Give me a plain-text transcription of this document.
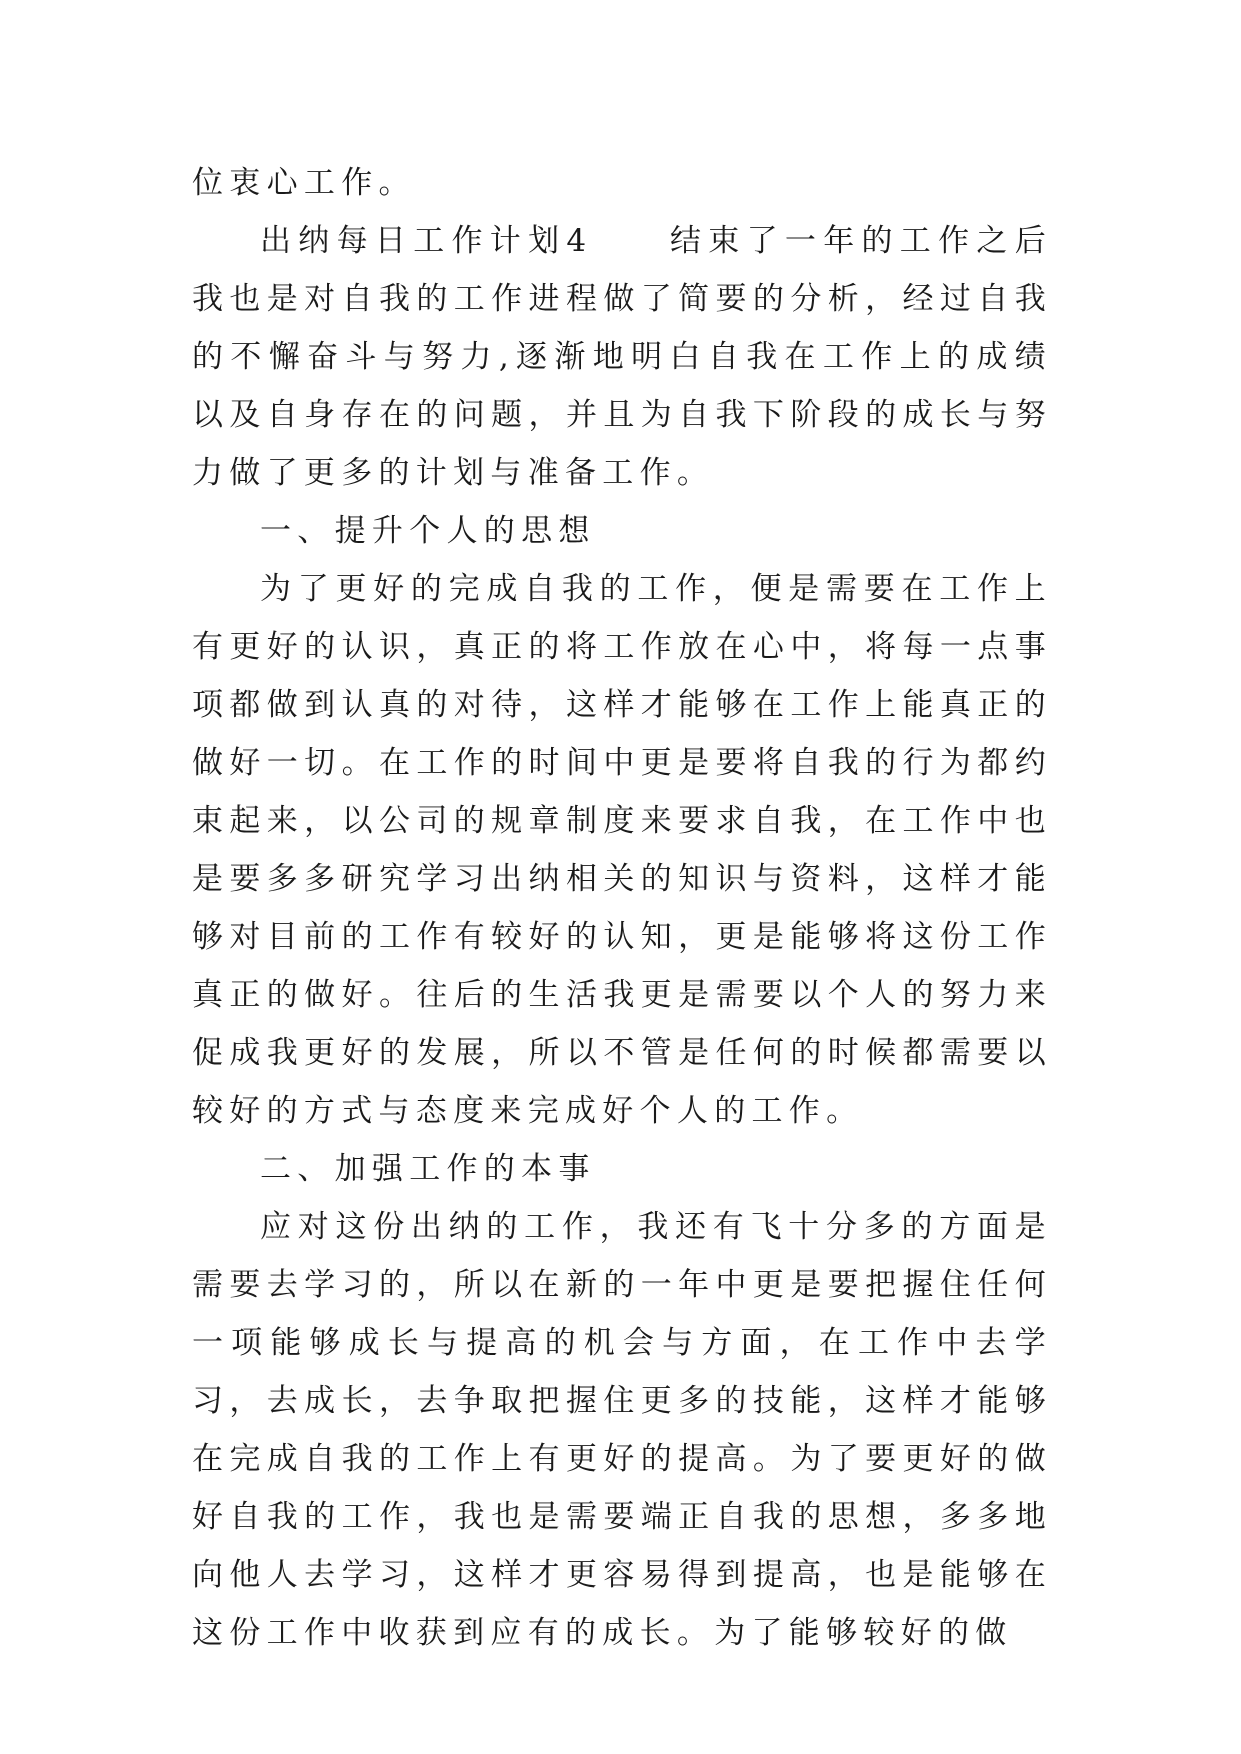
位衷心工作。

出纳每日工作计划4　　结束了一年的工作之后我也是对自我的工作进程做了简要的分析，经过自我的不懈奋斗与努力,逐渐地明白自我在工作上的成绩以及自身存在的问题，并且为自我下阶段的成长与努力做了更多的计划与准备工作。

一、提升个人的思想

为了更好的完成自我的工作，便是需要在工作上有更好的认识，真正的将工作放在心中，将每一点事项都做到认真的对待，这样才能够在工作上能真正的做好一切。在工作的时间中更是要将自我的行为都约束起来，以公司的规章制度来要求自我，在工作中也是要多多研究学习出纳相关的知识与资料，这样才能够对目前的工作有较好的认知，更是能够将这份工作真正的做好。往后的生活我更是需要以个人的努力来促成我更好的发展，所以不管是任何的时候都需要以较好的方式与态度来完成好个人的工作。

二、加强工作的本事

应对这份出纳的工作，我还有飞十分多的方面是需要去学习的，所以在新的一年中更是要把握住任何一项能够成长与提高的机会与方面，在工作中去学习，去成长，去争取把握住更多的技能，这样才能够在完成自我的工作上有更好的提高。为了要更好的做好自我的工作，我也是需要端正自我的思想，多多地向他人去学习，这样才更容易得到提高，也是能够在这份工作中收获到应有的成长。为了能够较好的做
